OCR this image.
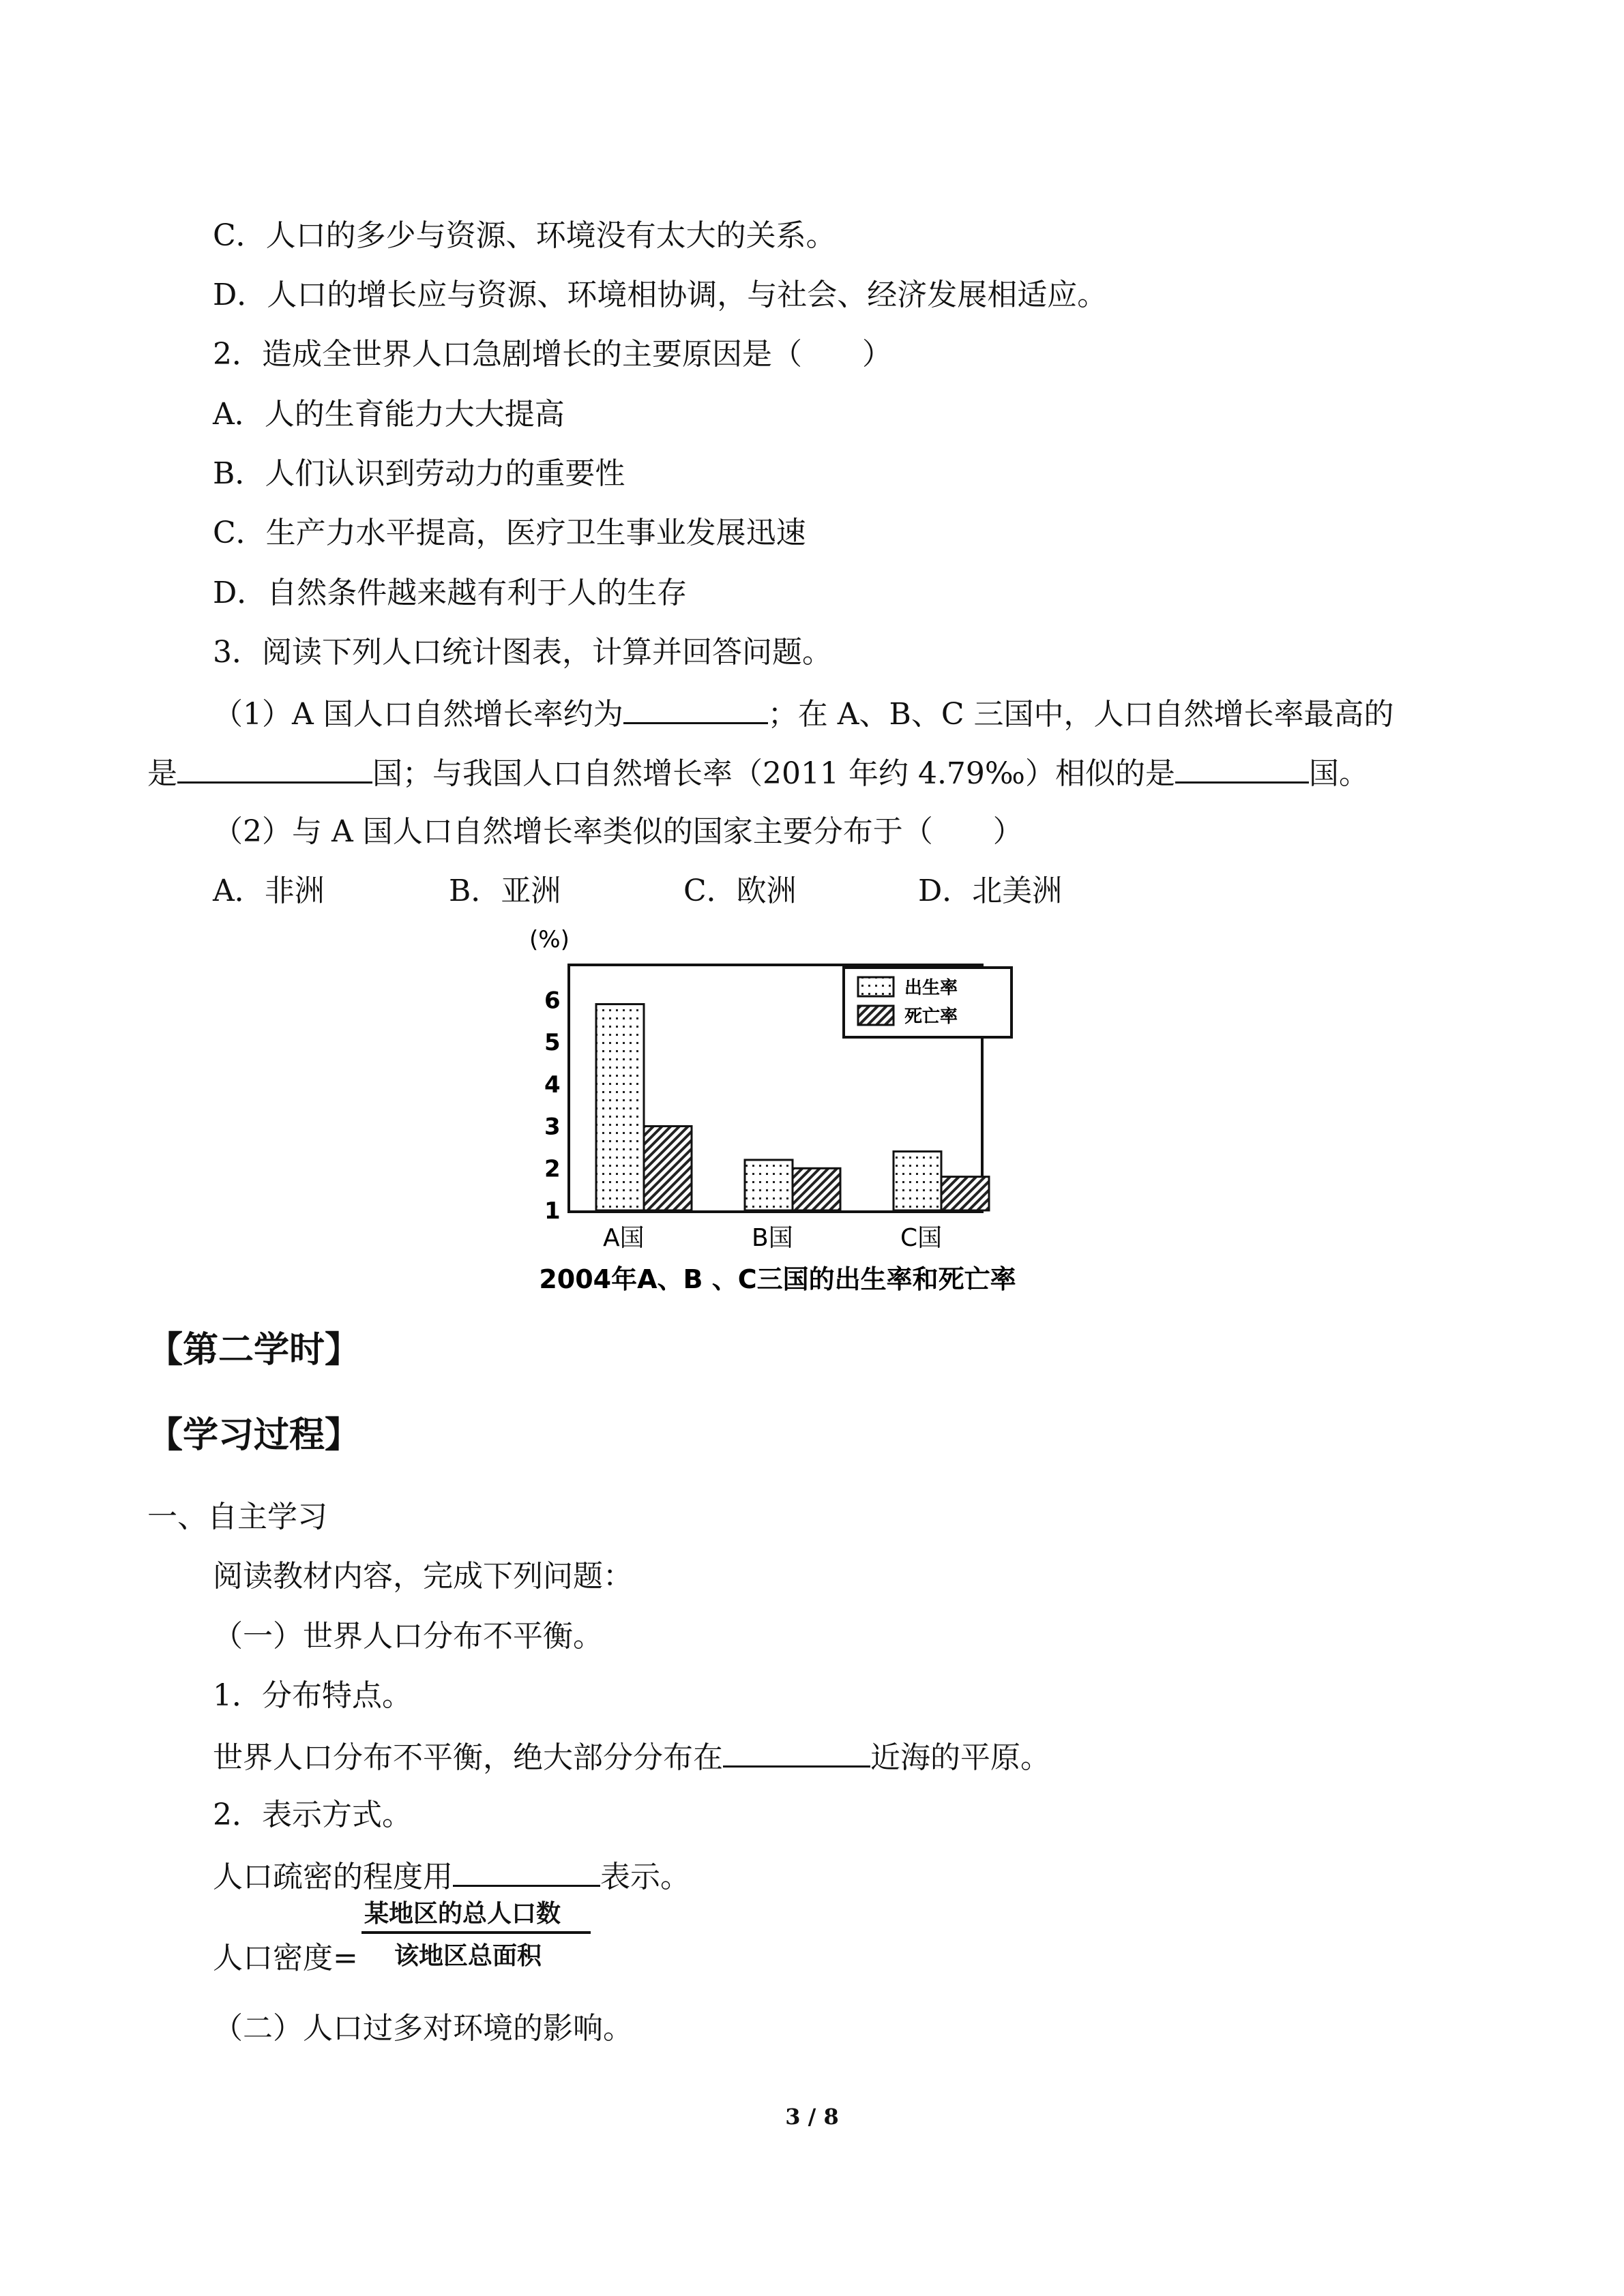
C．人口的多少与资源、环境没有太大的关系。
D．人口的增长应与资源、环境相协调，与社会、经济发展相适应。
2．造成全世界人口急剧增长的主要原因是（　　）
A．人的生育能力大大提高
B．人们认识到劳动力的重要性
C．生产力水平提高，医疗卫生事业发展迅速
D．自然条件越来越有利于人的生存
3．阅读下列人口统计图表，计算并回答问题。
（1）A 国人口自然增长率约为	；在 A、B、C 三国中，人口自然增长率最高的
是	国；与我国人口自然增长率（2011 年约 4.79‰）相似的是	国。
（2）与 A 国人口自然增长率类似的国家主要分布于（　　）
A．非洲	B．亚洲	C．欧洲	D．北美洲
(%)
1
2
3
4
5
6
A国	B国	C国
出生率
死亡率
2004年A、B 、C三国的出生率和死亡率
【第二学时】
【学习过程】
一、自主学习
阅读教材内容，完成下列问题：
（一）世界人口分布不平衡。
1．分布特点。
世界人口分布不平衡，绝大部分分布在	近海的平原。
2．表示方式。
人口疏密的程度用	表示。
人口密度=
某地区的总人口数
该地区总面积
（二）人口过多对环境的影响。
3 / 8
